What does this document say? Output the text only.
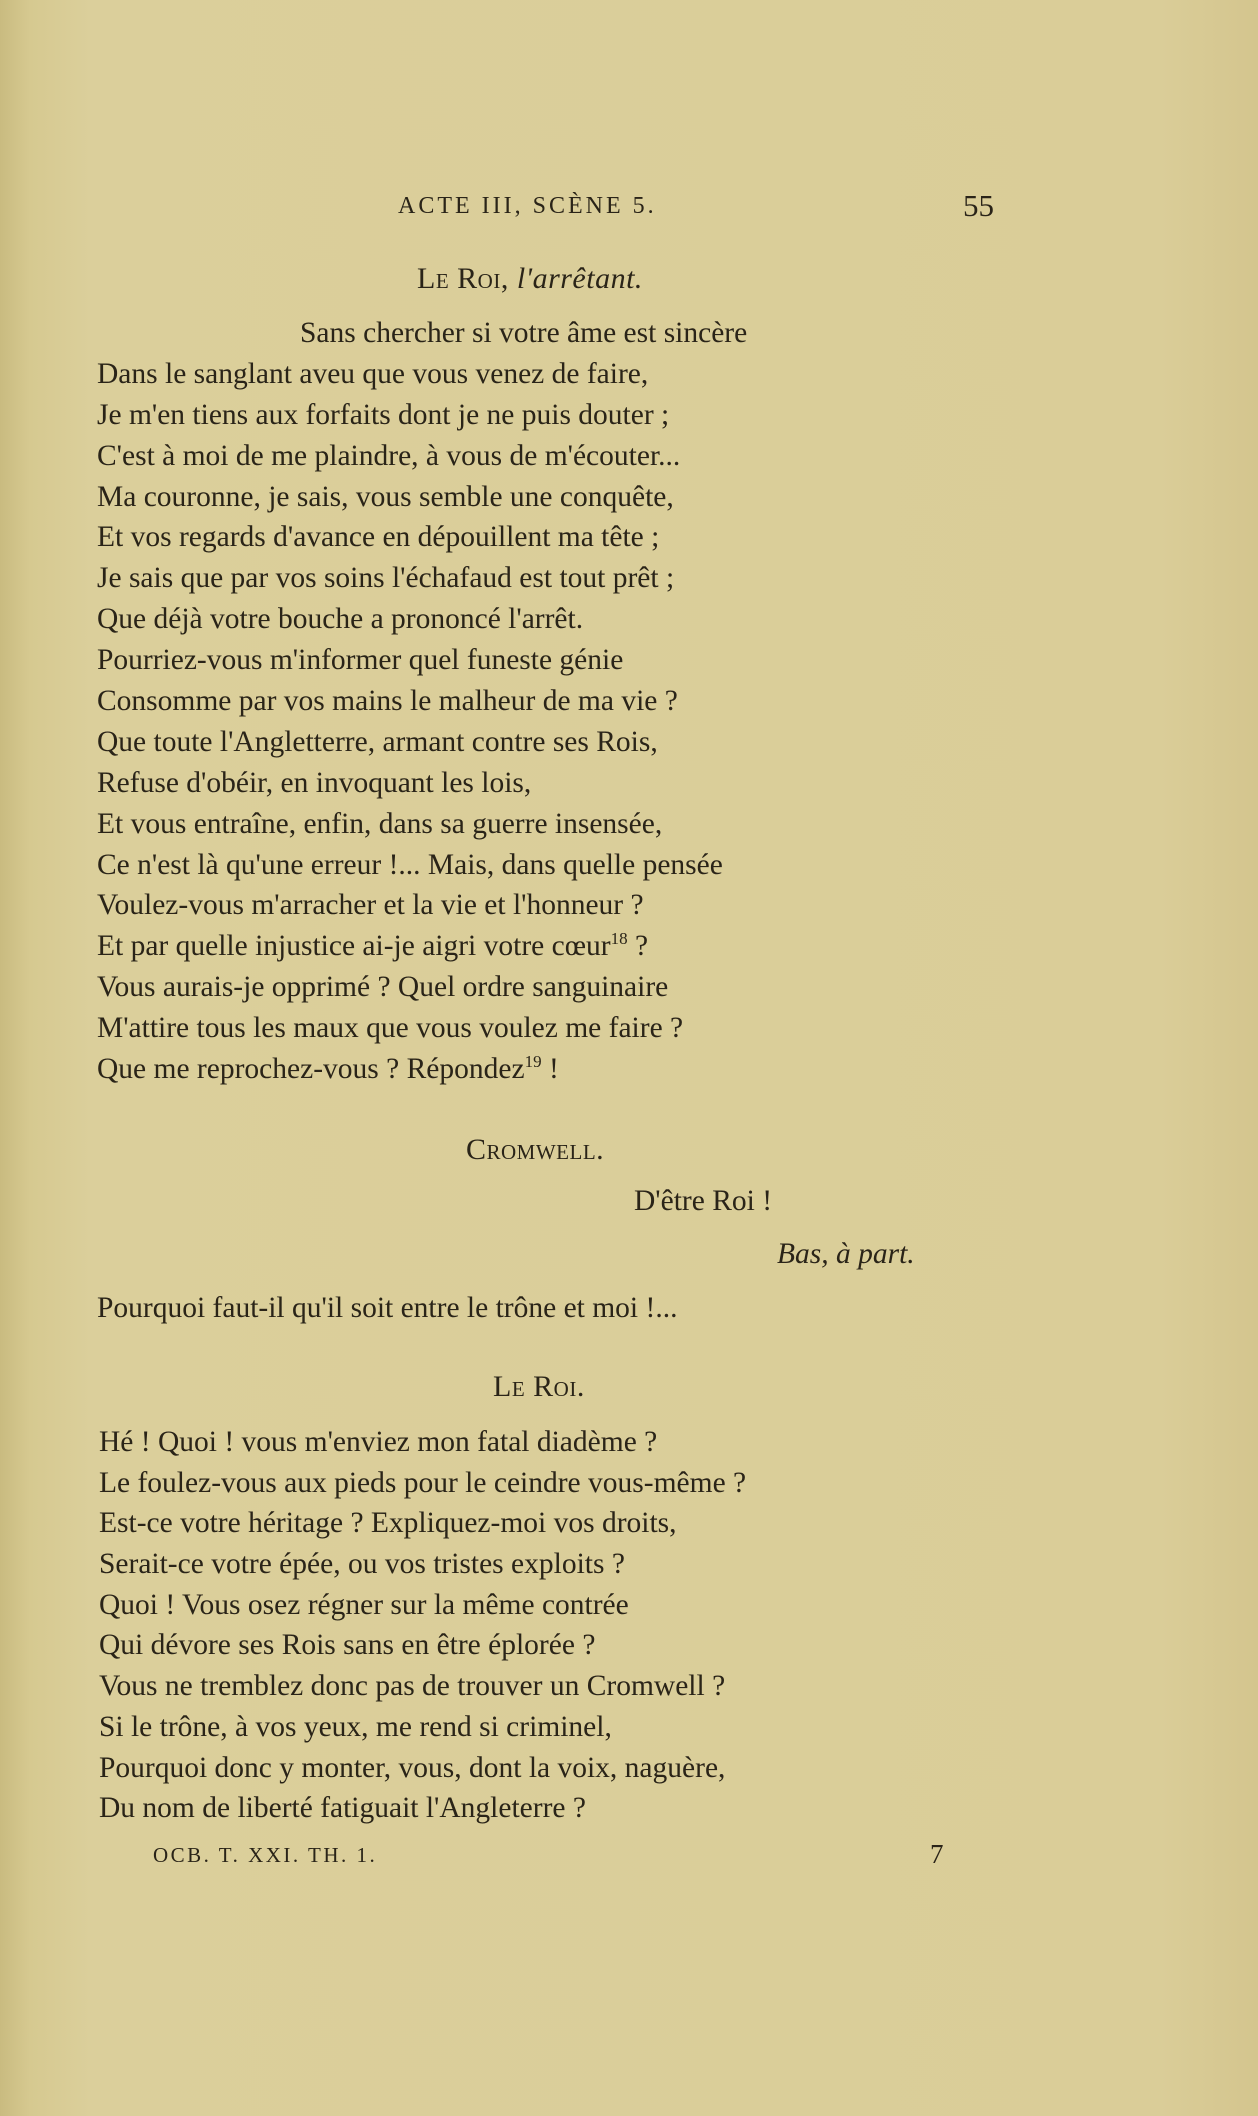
ACTE III, SCÈNE 5.	55
Le Roi, l'arrêtant.
Sans chercher si votre âme est sincère
Dans le sanglant aveu que vous venez de faire,
Je m'en tiens aux forfaits dont je ne puis douter ;
C'est à moi de me plaindre, à vous de m'écouter...
Ma couronne, je sais, vous semble une conquête,
Et vos regards d'avance en dépouillent ma tête ;
Je sais que par vos soins l'échafaud est tout prêt ;
Que déjà votre bouche a prononcé l'arrêt.
Pourriez-vous m'informer quel funeste génie
Consomme par vos mains le malheur de ma vie ?
Que toute l'Angletterre, armant contre ses Rois,
Refuse d'obéir, en invoquant les lois,
Et vous entraîne, enfin, dans sa guerre insensée,
Ce n'est là qu'une erreur !... Mais, dans quelle pensée
Voulez-vous m'arracher et la vie et l'honneur ?
Et par quelle injustice ai-je aigri votre cœur$^{18}$ ?
Vous aurais-je opprimé ? Quel ordre sanguinaire
M'attire tous les maux que vous voulez me faire ?
Que me reprochez-vous ? Répondez$^{19}$ !
Cromwell.
D'être Roi !
Bas, à part.
Pourquoi faut-il qu'il soit entre le trône et moi !...
Le Roi.
Hé ! Quoi ! vous m'enviez mon fatal diadème ?
Le foulez-vous aux pieds pour le ceindre vous-même ?
Est-ce votre héritage ? Expliquez-moi vos droits,
Serait-ce votre épée, ou vos tristes exploits ?
Quoi ! Vous osez régner sur la même contrée
Qui dévore ses Rois sans en être éplorée ?
Vous ne tremblez donc pas de trouver un Cromwell ?
Si le trône, à vos yeux, me rend si criminel,
Pourquoi donc y monter, vous, dont la voix, naguère,
Du nom de liberté fatiguait l'Angleterre ?
OCB. T. XXI. TH. 1.	7
